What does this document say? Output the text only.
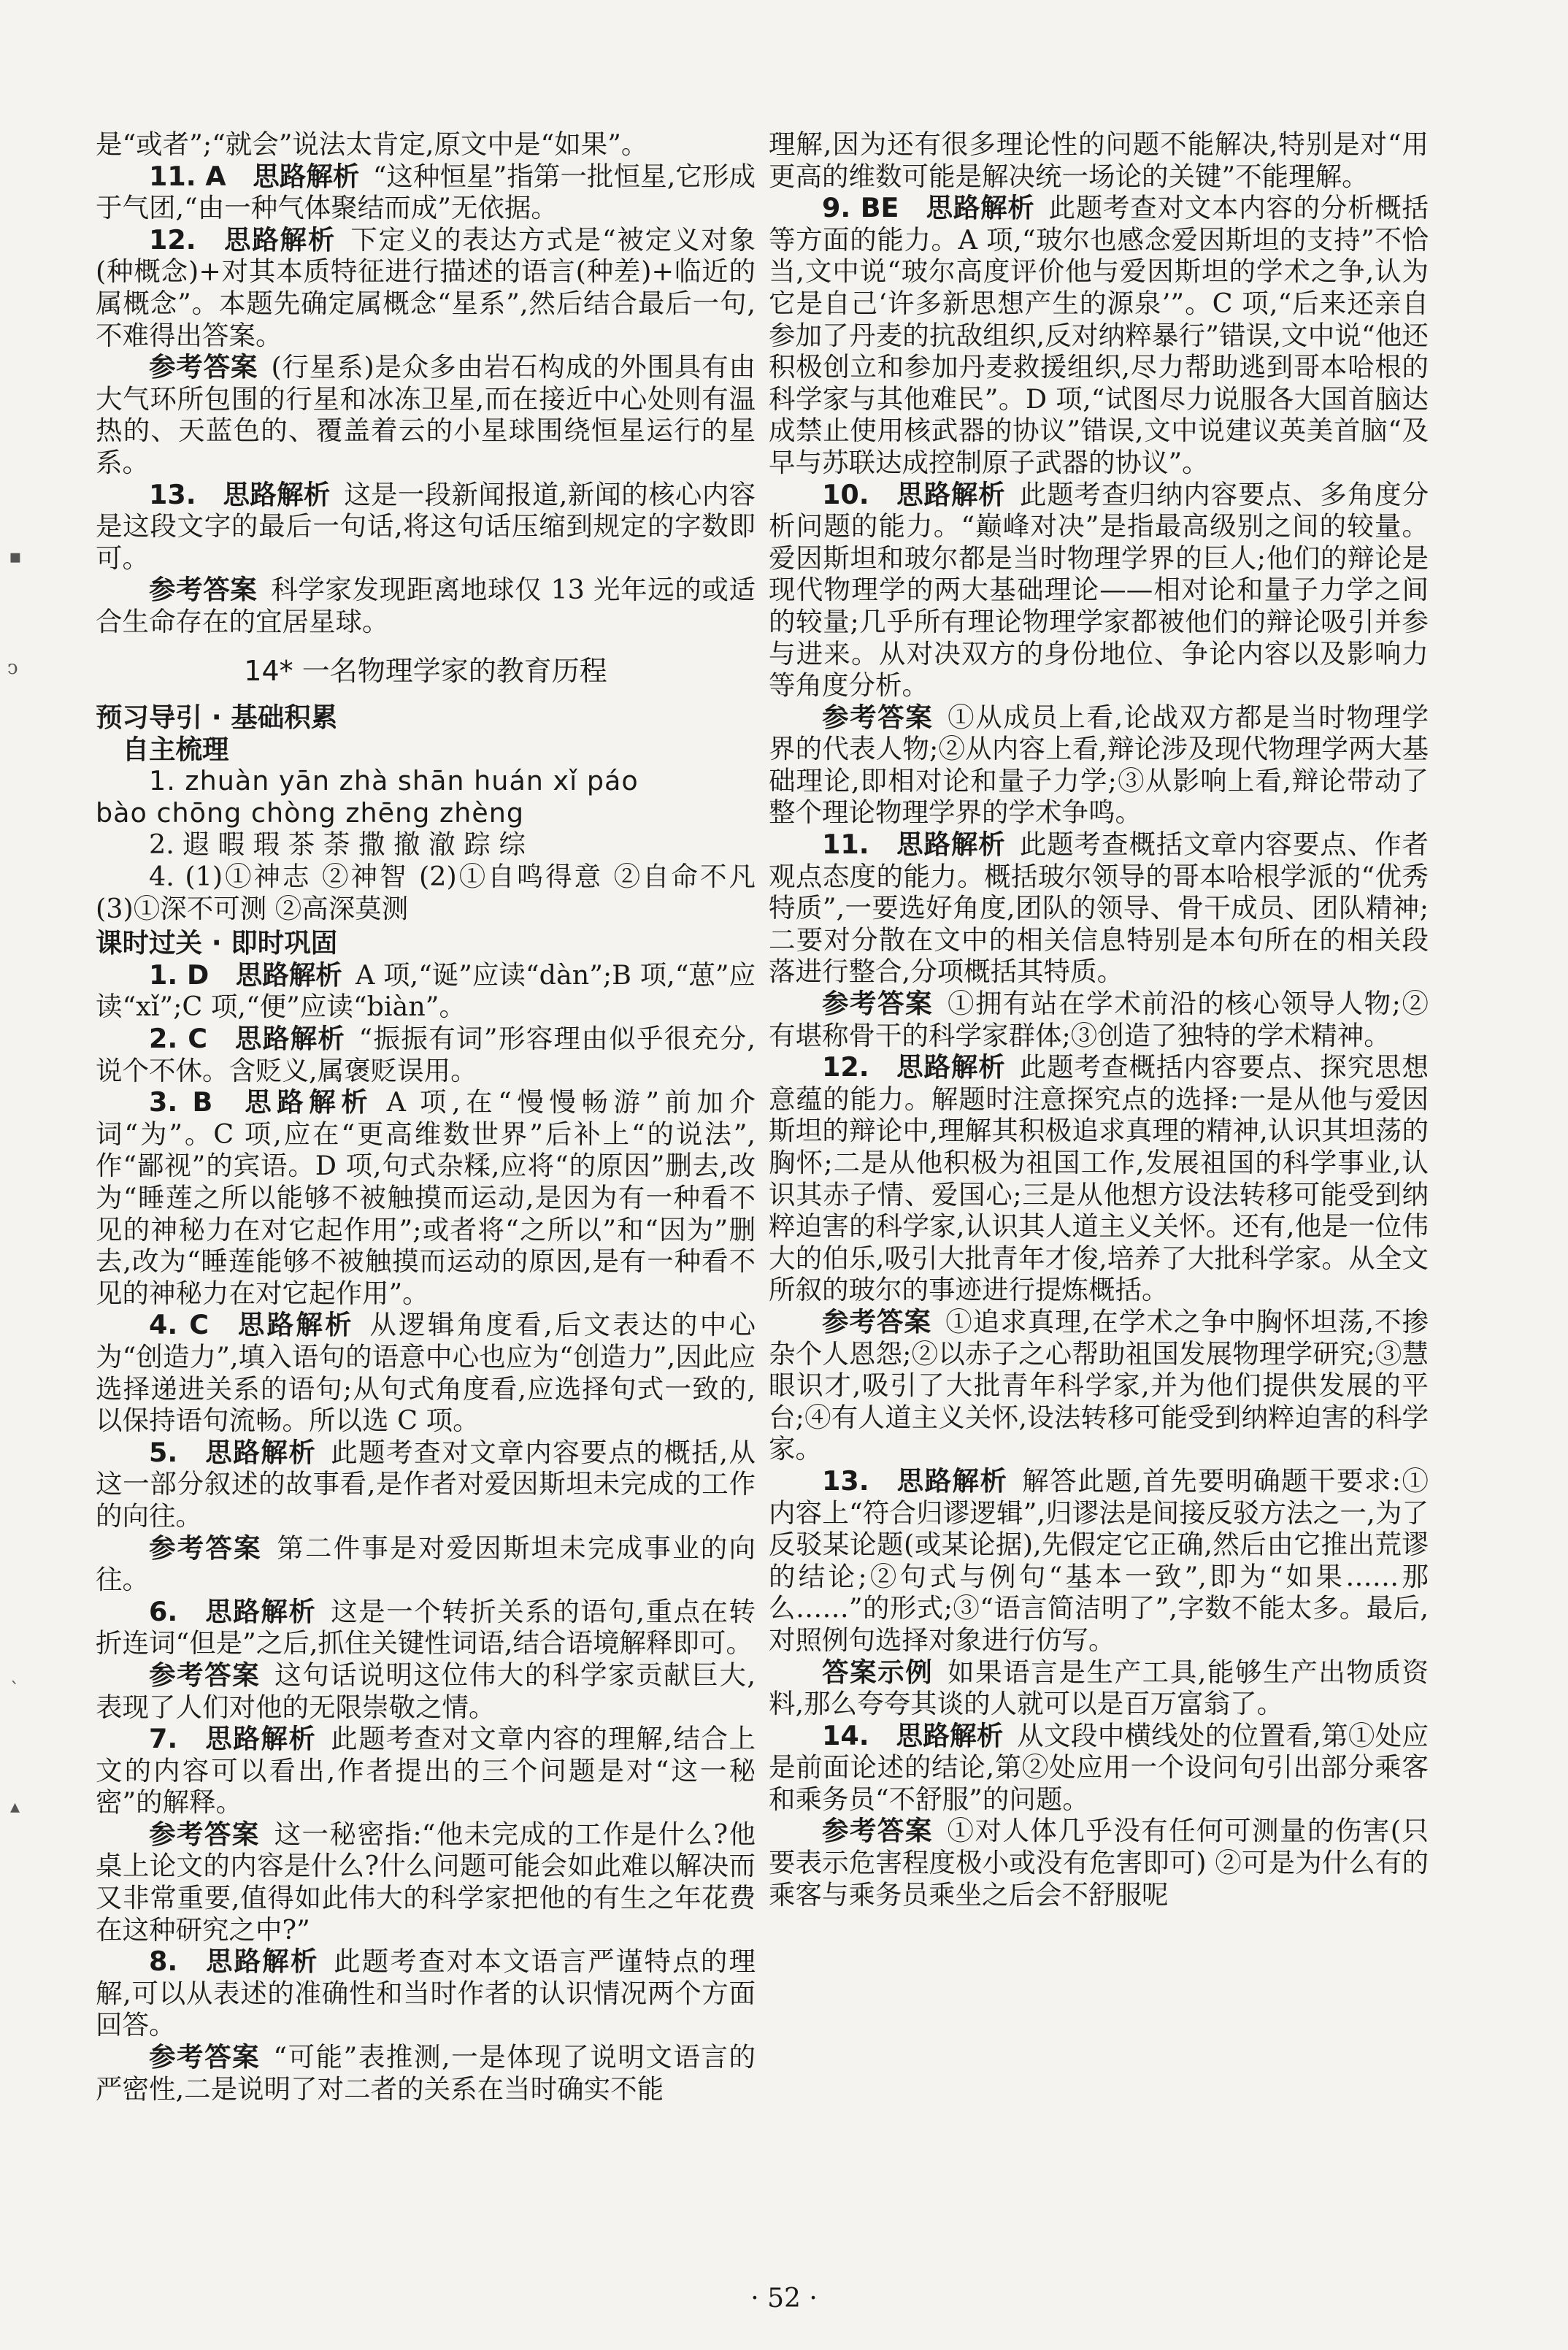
▪
ↄ
ˋ
▴

是“或者”;“就会”说法太肯定,原文中是“如果”。

11. A  思路解析  “这种恒星”指第一批恒星,它形成于气团,“由一种气体聚结而成”无依据。

12.  思路解析  下定义的表达方式是“被定义对象(种概念)+对其本质特征进行描述的语言(种差)+临近的属概念”。本题先确定属概念“星系”,然后结合最后一句,不难得出答案。

参考答案  (行星系)是众多由岩石构成的外围具有由大气环所包围的行星和冰冻卫星,而在接近中心处则有温热的、天蓝色的、覆盖着云的小星球围绕恒星运行的星系。

13.  思路解析  这是一段新闻报道,新闻的核心内容是这段文字的最后一句话,将这句话压缩到规定的字数即可。

参考答案  科学家发现距离地球仅 13 光年远的或适合生命存在的宜居星球。

14* 一名物理学家的教育历程

预习导引 · 基础积累

自主梳理

1. zhuàn yān zhà shān huán xǐ páo

bào chōng chòng zhēng zhèng

2. 遐 暇 瑕 茶 荼 撒 撤 澈 踪 综

4. (1)①神志 ②神智 (2)①自鸣得意 ②自命不凡 (3)①深不可测 ②高深莫测

课时过关 · 即时巩固

1. D  思路解析  A 项,“诞”应读“dàn”;B 项,“葸”应读“xǐ”;C 项,“便”应读“biàn”。

2. C  思路解析  “振振有词”形容理由似乎很充分,说个不休。含贬义,属褒贬误用。

3. B  思路解析  A 项,在“慢慢畅游”前加介词“为”。C 项,应在“更高维数世界”后补上“的说法”,作“鄙视”的宾语。D 项,句式杂糅,应将“的原因”删去,改为“睡莲之所以能够不被触摸而运动,是因为有一种看不见的神秘力在对它起作用”;或者将“之所以”和“因为”删去,改为“睡莲能够不被触摸而运动的原因,是有一种看不见的神秘力在对它起作用”。

4. C  思路解析  从逻辑角度看,后文表达的中心为“创造力”,填入语句的语意中心也应为“创造力”,因此应选择递进关系的语句;从句式角度看,应选择句式一致的,以保持语句流畅。所以选 C 项。

5.  思路解析  此题考查对文章内容要点的概括,从这一部分叙述的故事看,是作者对爱因斯坦未完成的工作的向往。

参考答案  第二件事是对爱因斯坦未完成事业的向往。

6.  思路解析  这是一个转折关系的语句,重点在转折连词“但是”之后,抓住关键性词语,结合语境解释即可。

参考答案  这句话说明这位伟大的科学家贡献巨大,表现了人们对他的无限崇敬之情。

7.  思路解析  此题考查对文章内容的理解,结合上文的内容可以看出,作者提出的三个问题是对“这一秘密”的解释。

参考答案  这一秘密指:“他未完成的工作是什么?他桌上论文的内容是什么?什么问题可能会如此难以解决而又非常重要,值得如此伟大的科学家把他的有生之年花费在这种研究之中?”

8.  思路解析  此题考查对本文语言严谨特点的理解,可以从表述的准确性和当时作者的认识情况两个方面回答。

参考答案  “可能”表推测,一是体现了说明文语言的严密性,二是说明了对二者的关系在当时确实不能

理解,因为还有很多理论性的问题不能解决,特别是对“用更高的维数可能是解决统一场论的关键”不能理解。

9. BE  思路解析  此题考查对文本内容的分析概括等方面的能力。A 项,“玻尔也感念爱因斯坦的支持”不恰当,文中说“玻尔高度评价他与爱因斯坦的学术之争,认为它是自己‘许多新思想产生的源泉’”。C 项,“后来还亲自参加了丹麦的抗敌组织,反对纳粹暴行”错误,文中说“他还积极创立和参加丹麦救援组织,尽力帮助逃到哥本哈根的科学家与其他难民”。D 项,“试图尽力说服各大国首脑达成禁止使用核武器的协议”错误,文中说建议英美首脑“及早与苏联达成控制原子武器的协议”。

10.  思路解析  此题考查归纳内容要点、多角度分析问题的能力。“巅峰对决”是指最高级别之间的较量。爱因斯坦和玻尔都是当时物理学界的巨人;他们的辩论是现代物理学的两大基础理论——相对论和量子力学之间的较量;几乎所有理论物理学家都被他们的辩论吸引并参与进来。从对决双方的身份地位、争论内容以及影响力等角度分析。

参考答案  ①从成员上看,论战双方都是当时物理学界的代表人物;②从内容上看,辩论涉及现代物理学两大基础理论,即相对论和量子力学;③从影响上看,辩论带动了整个理论物理学界的学术争鸣。

11.  思路解析  此题考查概括文章内容要点、作者观点态度的能力。概括玻尔领导的哥本哈根学派的“优秀特质”,一要选好角度,团队的领导、骨干成员、团队精神;二要对分散在文中的相关信息特别是本句所在的相关段落进行整合,分项概括其特质。

参考答案  ①拥有站在学术前沿的核心领导人物;②有堪称骨干的科学家群体;③创造了独特的学术精神。

12.  思路解析  此题考查概括内容要点、探究思想意蕴的能力。解题时注意探究点的选择:一是从他与爱因斯坦的辩论中,理解其积极追求真理的精神,认识其坦荡的胸怀;二是从他积极为祖国工作,发展祖国的科学事业,认识其赤子情、爱国心;三是从他想方设法转移可能受到纳粹迫害的科学家,认识其人道主义关怀。还有,他是一位伟大的伯乐,吸引大批青年才俊,培养了大批科学家。从全文所叙的玻尔的事迹进行提炼概括。

参考答案  ①追求真理,在学术之争中胸怀坦荡,不掺杂个人恩怨;②以赤子之心帮助祖国发展物理学研究;③慧眼识才,吸引了大批青年科学家,并为他们提供发展的平台;④有人道主义关怀,设法转移可能受到纳粹迫害的科学家。

13.  思路解析  解答此题,首先要明确题干要求:①内容上“符合归谬逻辑”,归谬法是间接反驳方法之一,为了反驳某论题(或某论据),先假定它正确,然后由它推出荒谬的结论;②句式与例句“基本一致”,即为“如果……那么……”的形式;③“语言简洁明了”,字数不能太多。最后,对照例句选择对象进行仿写。

答案示例  如果语言是生产工具,能够生产出物质资料,那么夸夸其谈的人就可以是百万富翁了。

14.  思路解析  从文段中横线处的位置看,第①处应是前面论述的结论,第②处应用一个设问句引出部分乘客和乘务员“不舒服”的问题。

参考答案  ①对人体几乎没有任何可测量的伤害(只要表示危害程度极小或没有危害即可) ②可是为什么有的乘客与乘务员乘坐之后会不舒服呢

· 52 ·
